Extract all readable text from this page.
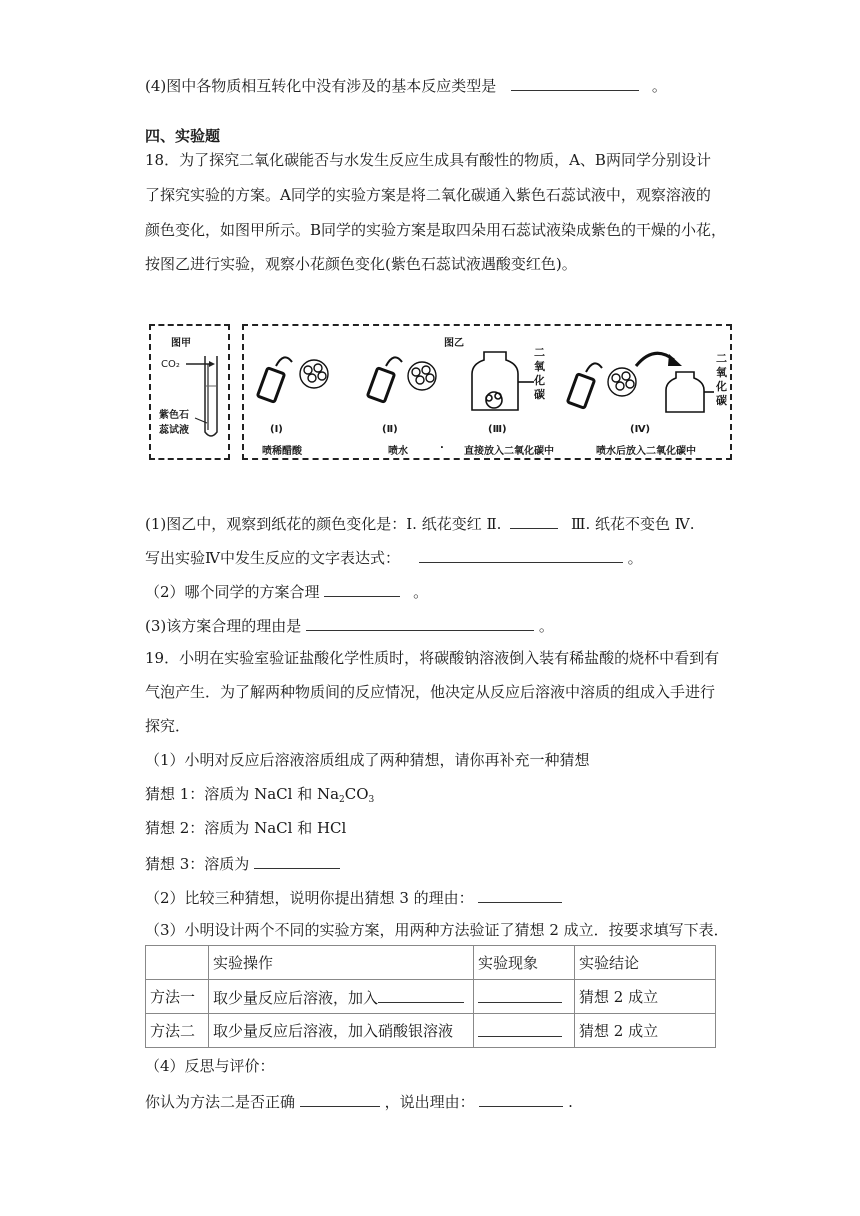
(4)图中各物质相互转化中没有涉及的基本反应类型是	。
四、实验题
18．为了探究二氧化碳能否与水发生反应生成具有酸性的物质，A、B两同学分别设计
了探究实验的方案。A同学的实验方案是将二氧化碳通入紫色石蕊试液中，观察溶液的
颜色变化，如图甲所示。B同学的实验方案是取四朵用石蕊试液染成紫色的干燥的小花，
按图乙进行实验，观察小花颜色变化(紫色石蕊试液遇酸变红色)。
图甲
CO₂
紫色石
蕊试液
图乙
二
氧
化
碳
二
氧
化
碳
(Ⅰ)	(Ⅱ)	(Ⅲ)	(Ⅳ)
喷稀醋酸	喷水
.
直接放入二氧化碳中	喷水后放入二氧化碳中
(1)图乙中，观察到纸花的颜色变化是：Ⅰ. 纸花变红 Ⅱ.	Ⅲ. 纸花不变色 Ⅳ.
写出实验Ⅳ中发生反应的文字表达式：	。
（2）哪个同学的方案合理	。
(3)该方案合理的理由是	。
19．小明在实验室验证盐酸化学性质时，将碳酸钠溶液倒入装有稀盐酸的烧杯中看到有
气泡产生．为了解两种物质间的反应情况，他决定从反应后溶液中溶质的组成入手进行
探究．
（1）小明对反应后溶液溶质组成了两种猜想，请你再补充一种猜想
猜想 1：溶质为 NaCl 和 $Na_2CO_3$
猜想 2：溶质为 NaCl 和 HCl
猜想 3：溶质为
（2）比较三种猜想，说明你提出猜想 3 的理由：
（3）小明设计两个不同的实验方案，用两种方法验证了猜想 2 成立．按要求填写下表．
	实验操作	实验现象	实验结论
方法一	取少量反应后溶液，加入		猜想 2 成立
方法二	取少量反应后溶液，加入硝酸银溶液		猜想 2 成立
（4）反思与评价：
你认为方法二是否正确	，说出理由：	.
